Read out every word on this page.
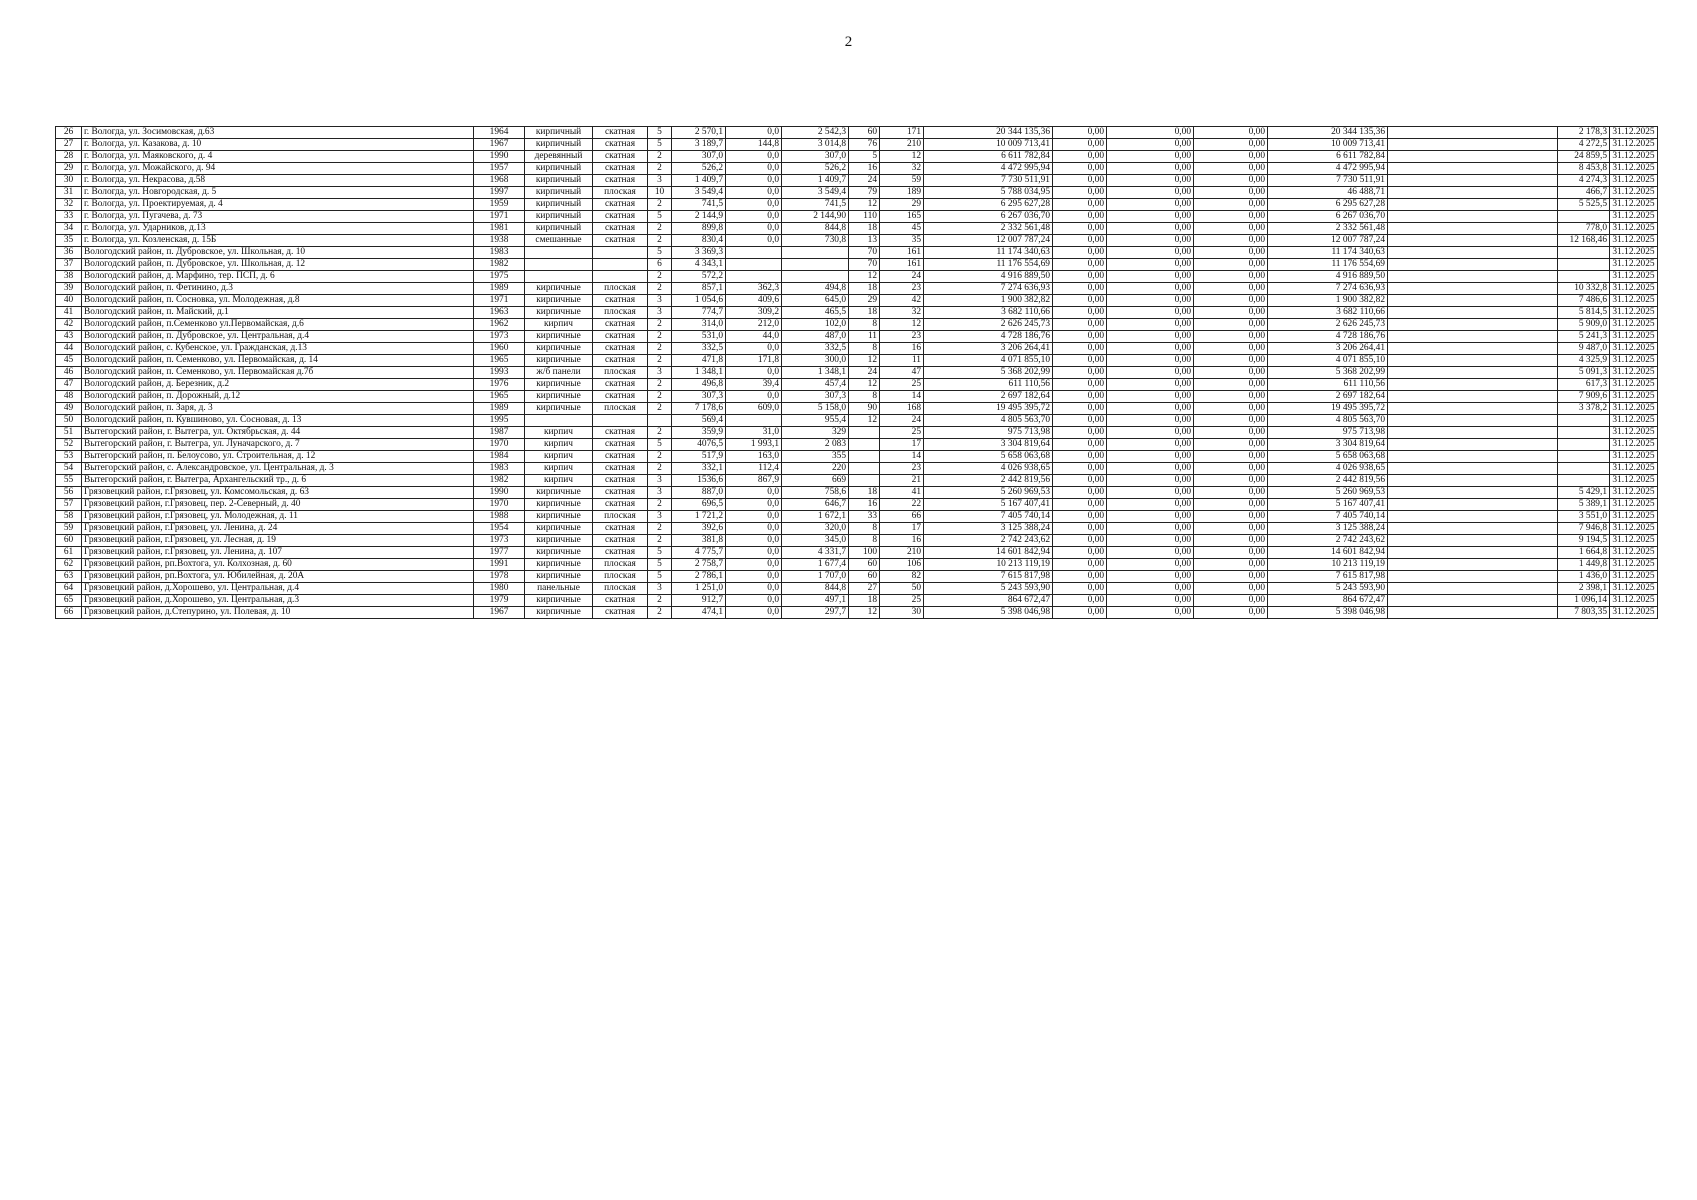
2
26	г. Вологда, ул. Зосимовская, д.63	1964	кирпичный	скатная	5	2 570,1	0,0	2 542,3	60	171	20 344 135,36	0,00	0,00	0,00	20 344 135,36		2 178,3	31.12.2025
27	г. Вологда, ул. Казакова, д. 10	1967	кирпичный	скатная	5	3 189,7	144,8	3 014,8	76	210	10 009 713,41	0,00	0,00	0,00	10 009 713,41		4 272,5	31.12.2025
28	г. Вологда, ул. Маяковского, д. 4	1990	деревянный	скатная	2	307,0	0,0	307,0	5	12	6 611 782,84	0,00	0,00	0,00	6 611 782,84		24 859,5	31.12.2025
29	г. Вологда, ул. Можайского, д. 94	1957	кирпичный	скатная	2	526,2	0,0	526,2	16	32	4 472 995,94	0,00	0,00	0,00	4 472 995,94		8 453,8	31.12.2025
30	г. Вологда, ул. Некрасова, д.58	1968	кирпичный	скатная	3	1 409,7	0,0	1 409,7	24	59	7 730 511,91	0,00	0,00	0,00	7 730 511,91		4 274,3	31.12.2025
31	г. Вологда, ул. Новгородская, д. 5	1997	кирпичный	плоская	10	3 549,4	0,0	3 549,4	79	189	5 788 034,95	0,00	0,00	0,00	46 488,71		466,7	31.12.2025
32	г. Вологда, ул. Проектируемая, д. 4	1959	кирпичный	скатная	2	741,5	0,0	741,5	12	29	6 295 627,28	0,00	0,00	0,00	6 295 627,28		5 525,5	31.12.2025
33	г. Вологда, ул. Пугачева, д. 73	1971	кирпичный	скатная	5	2 144,9	0,0	2 144,90	110	165	6 267 036,70	0,00	0,00	0,00	6 267 036,70			31.12.2025
34	г. Вологда, ул. Ударников, д.13	1981	кирпичный	скатная	2	899,8	0,0	844,8	18	45	2 332 561,48	0,00	0,00	0,00	2 332 561,48		778,0	31.12.2025
35	г. Вологда, ул. Козленская, д. 15Б	1938	смешанные	скатная	2	830,4	0,0	730,8	13	35	12 007 787,24	0,00	0,00	0,00	12 007 787,24		12 168,46	31.12.2025
36	Вологодский район, п. Дубровское, ул. Школьная, д. 10	1983			5	3 369,3			70	161	11 174 340,63	0,00	0,00	0,00	11 174 340,63			31.12.2025
37	Вологодский район, п. Дубровское, ул. Школьная, д. 12	1982			6	4 343,1			70	161	11 176 554,69	0,00	0,00	0,00	11 176 554,69			31.12.2025
38	Вологодский район, д. Марфино, тер. ПСП, д. 6	1975			2	572,2			12	24	4 916 889,50	0,00	0,00	0,00	4 916 889,50			31.12.2025
39	Вологодский район, п. Фетинино, д.3	1989	кирпичные	плоская	2	857,1	362,3	494,8	18	23	7 274 636,93	0,00	0,00	0,00	7 274 636,93		10 332,8	31.12.2025
40	Вологодский район, п. Сосновка, ул. Молодежная, д.8	1971	кирпичные	скатная	3	1 054,6	409,6	645,0	29	42	1 900 382,82	0,00	0,00	0,00	1 900 382,82		7 486,6	31.12.2025
41	Вологодский район, п. Майский, д.1	1963	кирпичные	плоская	3	774,7	309,2	465,5	18	32	3 682 110,66	0,00	0,00	0,00	3 682 110,66		5 814,5	31.12.2025
42	Вологодский район, п.Семенково ул.Первомайская, д.6	1962	кирпич	скатная	2	314,0	212,0	102,0	8	12	2 626 245,73	0,00	0,00	0,00	2 626 245,73		5 909,0	31.12.2025
43	Вологодский район, п. Дубровское, ул. Центральная, д.4	1973	кирпичные	скатная	2	531,0	44,0	487,0	11	23	4 728 186,76	0,00	0,00	0,00	4 728 186,76		5 241,3	31.12.2025
44	Вологодский район, с. Кубенское, ул. Гражданская, д.13	1960	кирпичные	скатная	2	332,5	0,0	332,5	8	16	3 206 264,41	0,00	0,00	0,00	3 206 264,41		9 487,0	31.12.2025
45	Вологодский район, п. Семенково, ул. Первомайская, д. 14	1965	кирпичные	скатная	2	471,8	171,8	300,0	12	11	4 071 855,10	0,00	0,00	0,00	4 071 855,10		4 325,9	31.12.2025
46	Вологодский район, п. Семенково, ул. Первомайская д.7б	1993	ж/б панели	плоская	3	1 348,1	0,0	1 348,1	24	47	5 368 202,99	0,00	0,00	0,00	5 368 202,99		5 091,3	31.12.2025
47	Вологодский район, д. Березник, д.2	1976	кирпичные	скатная	2	496,8	39,4	457,4	12	25	611 110,56	0,00	0,00	0,00	611 110,56		617,3	31.12.2025
48	Вологодский район, п. Дорожный, д.12	1965	кирпичные	скатная	2	307,3	0,0	307,3	8	14	2 697 182,64	0,00	0,00	0,00	2 697 182,64		7 909,6	31.12.2025
49	Вологодский район, п. Заря, д. 3	1989	кирпичные	плоская	2	7 178,6	609,0	5 158,0	90	168	19 495 395,72	0,00	0,00	0,00	19 495 395,72		3 378,2	31.12.2025
50	Вологодский район, п. Кувшиново, ул. Сосновая, д. 13	1995				569,4		955,4	12	24	4 805 563,70	0,00	0,00	0,00	4 805 563,70			31.12.2025
51	Вытегорский район, г. Вытегра, ул. Октябрьская, д. 44	1987	кирпич	скатная	2	359,9	31,0	329		25	975 713,98	0,00	0,00	0,00	975 713,98			31.12.2025
52	Вытегорский район, г. Вытегра, ул. Луначарского, д. 7	1970	кирпич	скатная	5	4076,5	1 993,1	2 083		17	3 304 819,64	0,00	0,00	0,00	3 304 819,64			31.12.2025
53	Вытегорский район, п. Белоусово, ул. Строительная, д. 12	1984	кирпич	скатная	2	517,9	163,0	355		14	5 658 063,68	0,00	0,00	0,00	5 658 063,68			31.12.2025
54	Вытегорский район, с. Александровское, ул. Центральная, д. 3	1983	кирпич	скатная	2	332,1	112,4	220		23	4 026 938,65	0,00	0,00	0,00	4 026 938,65			31.12.2025
55	Вытегорский район, г. Вытегра, Архангельский тр., д. 6	1982	кирпич	скатная	3	1536,6	867,9	669		21	2 442 819,56	0,00	0,00	0,00	2 442 819,56			31.12.2025
56	Грязовецкий район, г.Грязовец, ул. Комсомольская, д. 63	1990	кирпичные	скатная	3	887,0	0,0	758,6	18	41	5 260 969,53	0,00	0,00	0,00	5 260 969,53		5 429,1	31.12.2025
57	Грязовецкий район, г.Грязовец, пер. 2-Северный, д. 40	1970	кирпичные	скатная	2	696,5	0,0	646,7	16	22	5 167 407,41	0,00	0,00	0,00	5 167 407,41		5 389,1	31.12.2025
58	Грязовецкий район, г.Грязовец, ул. Молодежная, д. 11	1988	кирпичные	плоская	3	1 721,2	0,0	1 672,1	33	66	7 405 740,14	0,00	0,00	0,00	7 405 740,14		3 551,0	31.12.2025
59	Грязовецкий район, г.Грязовец, ул. Ленина, д. 24	1954	кирпичные	скатная	2	392,6	0,0	320,0	8	17	3 125 388,24	0,00	0,00	0,00	3 125 388,24		7 946,8	31.12.2025
60	Грязовецкий район, г.Грязовец, ул. Лесная, д. 19	1973	кирпичные	скатная	2	381,8	0,0	345,0	8	16	2 742 243,62	0,00	0,00	0,00	2 742 243,62		9 194,5	31.12.2025
61	Грязовецкий район, г.Грязовец, ул. Ленина, д. 107	1977	кирпичные	скатная	5	4 775,7	0,0	4 331,7	100	210	14 601 842,94	0,00	0,00	0,00	14 601 842,94		1 664,8	31.12.2025
62	Грязовецкий район, рп.Вохтога, ул. Колхозная, д. 60	1991	кирпичные	плоская	5	2 758,7	0,0	1 677,4	60	106	10 213 119,19	0,00	0,00	0,00	10 213 119,19		1 449,8	31.12.2025
63	Грязовецкий район, рп.Вохтога, ул. Юбилейная, д. 20А	1978	кирпичные	плоская	5	2 786,1	0,0	1 707,0	60	82	7 615 817,98	0,00	0,00	0,00	7 615 817,98		1 436,0	31.12.2025
64	Грязовецкий район, д.Хорошево, ул. Центральная, д.4	1980	панельные	плоская	3	1 251,0	0,0	844,8	27	50	5 243 593,90	0,00	0,00	0,00	5 243 593,90		2 398,1	31.12.2025
65	Грязовецкий район, д.Хорошево, ул. Центральная, д.3	1979	кирпичные	скатная	2	912,7	0,0	497,1	18	25	864 672,47	0,00	0,00	0,00	864 672,47		1 096,14	31.12.2025
66	Грязовецкий район, д.Степурино, ул. Полевая, д. 10	1967	кирпичные	скатная	2	474,1	0,0	297,7	12	30	5 398 046,98	0,00	0,00	0,00	5 398 046,98		7 803,35	31.12.2025
